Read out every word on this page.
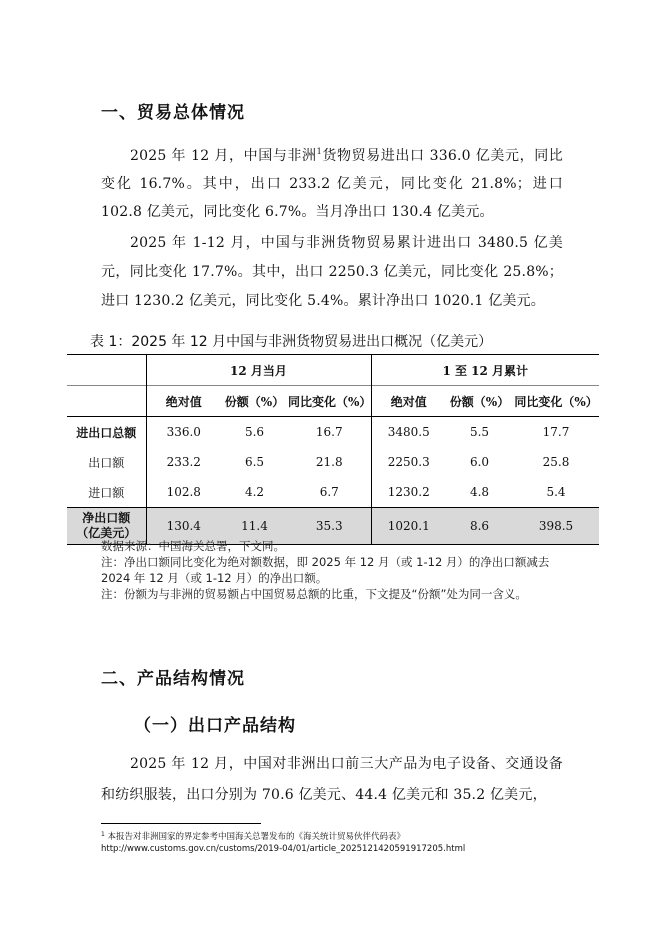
一、贸易总体情况

2025 年 12 月，中国与非洲$^1$货物贸易进出口 336.0 亿美元，同比变化 16.7%。其中，出口 233.2 亿美元，同比变化 21.8%；进口 102.8 亿美元，同比变化 6.7%。当月净出口 130.4 亿美元。

2025 年 1-12 月，中国与非洲货物贸易累计进出口 3480.5 亿美元，同比变化 17.7%。其中，出口 2250.3 亿美元，同比变化 25.8%；进口 1230.2 亿美元，同比变化 5.4%。累计净出口 1020.1 亿美元。

表 1：2025 年 12 月中国与非洲货物贸易进出口概况（亿美元）
	12 月当月			1 至 12 月累计		
	绝对值	份额（%）	同比变化（%）	绝对值	份额（%）	同比变化（%）
进出口总额	336.0	5.6	16.7	3480.5	5.5	17.7
出口额	233.2	6.5	21.8	2250.3	6.0	25.8
进口额	102.8	4.2	6.7	1230.2	4.8	5.4
净出口额
（亿美元）	130.4	11.4	35.3	1020.1	8.6	398.5
数据来源：中国海关总署，下文同。
注：净出口额同比变化为绝对额数据，即 2025 年 12 月（或 1-12 月）的净出口额减去 2024 年 12 月（或 1-12 月）的净出口额。
注：份额为与非洲的贸易额占中国贸易总额的比重，下文提及“份额”处为同一含义。
二、产品结构情况
（一）出口产品结构

2025 年 12 月，中国对非洲出口前三大产品为电子设备、交通设备和纺织服装，出口分别为 70.6 亿美元、44.4 亿美元和 35.2 亿美元，

$^1$ 本报告对非洲国家的界定参考中国海关总署发布的《海关统计贸易伙伴代码表》
http://www.customs.gov.cn/customs/2019-04/01/article_2025121420591917205.html
